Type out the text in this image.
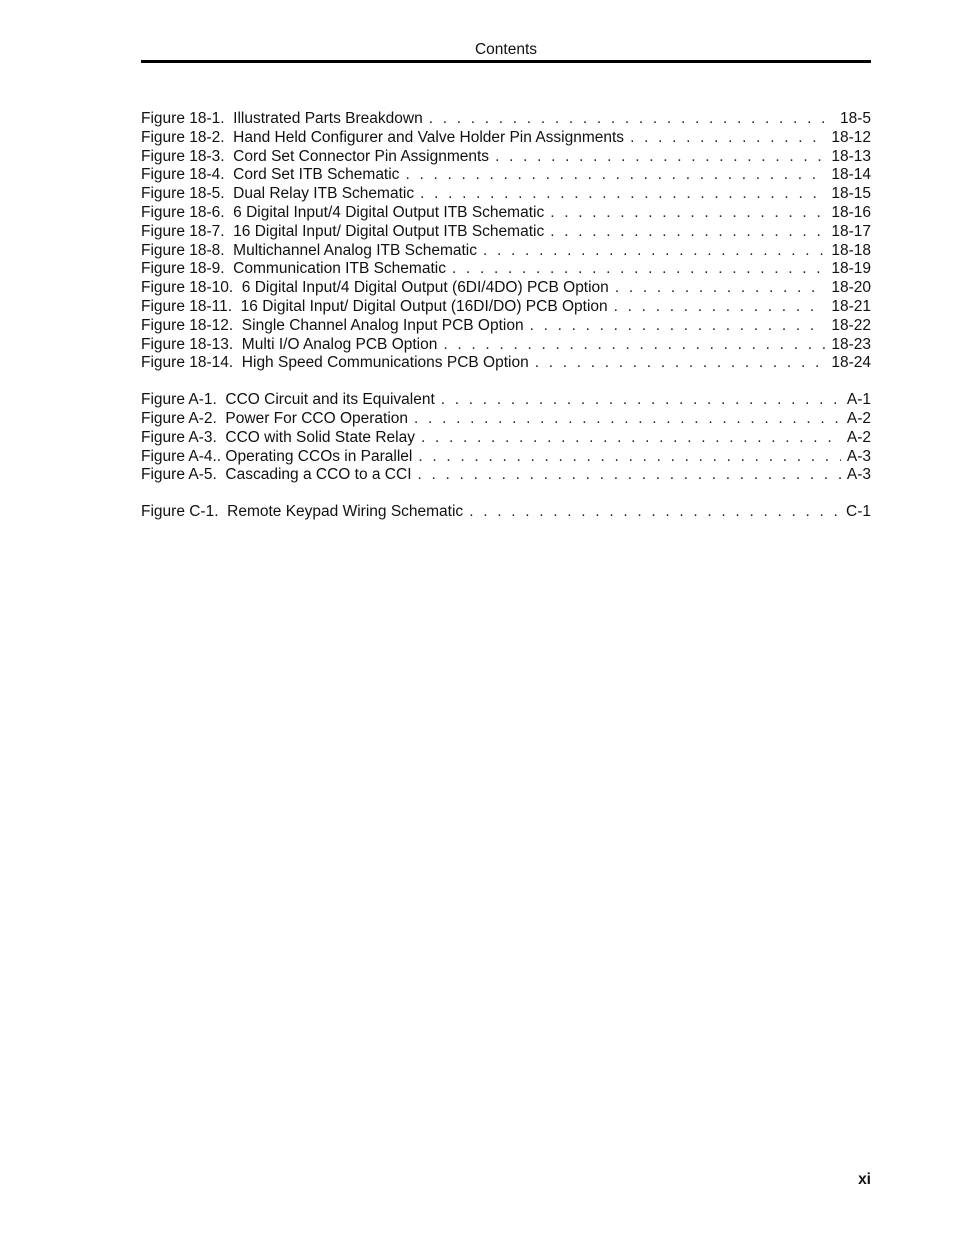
Contents
Figure 18-1.  Illustrated Parts Breakdown . . .	18-5
Figure 18-2.  Hand Held Configurer and Valve Holder Pin Assignments . . .	18-12
Figure 18-3.  Cord Set Connector Pin Assignments . . .	18-13
Figure 18-4.  Cord Set ITB Schematic . . .	18-14
Figure 18-5.  Dual Relay ITB Schematic . . .	18-15
Figure 18-6.  6 Digital Input/4 Digital Output ITB Schematic . . .	18-16
Figure 18-7.  16 Digital Input/ Digital Output ITB Schematic . . .	18-17
Figure 18-8.  Multichannel Analog ITB Schematic . . .	18-18
Figure 18-9.  Communication ITB Schematic . . .	18-19
Figure 18-10.  6 Digital Input/4 Digital Output (6DI/4DO) PCB Option . . .	18-20
Figure 18-11.  16 Digital Input/ Digital Output (16DI/DO) PCB Option . . .	18-21
Figure 18-12.  Single Channel Analog Input PCB Option . . .	18-22
Figure 18-13.  Multi I/O Analog PCB Option . . .	18-23
Figure 18-14.  High Speed Communications PCB Option . . .	18-24
Figure A-1.  CCO Circuit and its Equivalent . . .	A-1
Figure A-2.  Power For CCO Operation . . .	A-2
Figure A-3.  CCO with Solid State Relay . . .	A-2
Figure A-4.. Operating CCOs in Parallel . . .	A-3
Figure A-5.  Cascading a CCO to a CCI . . .	A-3
Figure C-1.  Remote Keypad Wiring Schematic . . .	C-1
xi
